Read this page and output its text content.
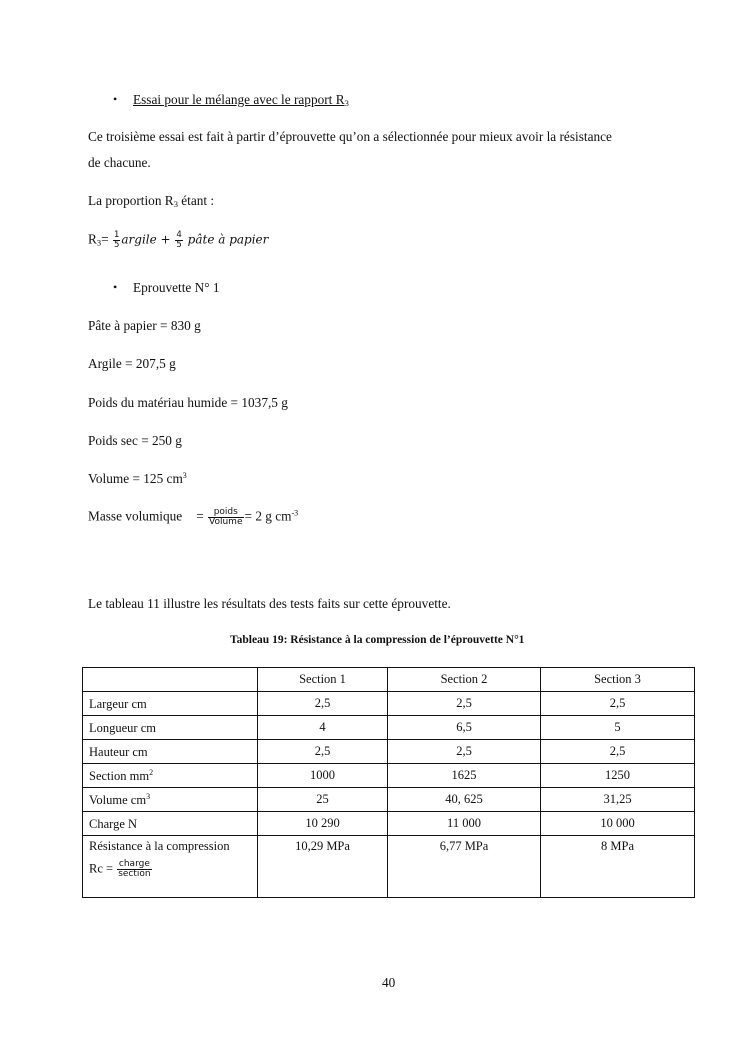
• Essai pour le mélange avec le rapport $R_3$
Ce troisième essai est fait à partir d’éprouvette qu’on a sélectionnée pour mieux avoir la résistance
de chacune.
La proportion $R_3$ étant :
$R_3= \frac{1}{5}$ argile + $\frac{4}{5}$ pâte à papier
• Eprouvette N° 1
Pâte à papier = 830 g
Argile = 207,5 g
Poids du matériau humide = 1037,5 g
Poids sec = 250 g
Volume = 125 $cm^3$
Masse volumique = $\frac{\text{poids}}{\text{Volume}} = 2$ g $cm^{-3}$
Le tableau 11 illustre les résultats des tests faits sur cette éprouvette.
Tableau 19: Résistance à la compression de l’éprouvette N°1
	Section 1	Section 2	Section 3
Largeur cm	2,5	2,5	2,5
Longueur cm	4	6,5	5
Hauteur cm	2,5	2,5	2,5
Section $mm^2$	1000	1625	1250
Volume $cm^3$	25	40, 625	31,25
Charge N	10 290	11 000	10 000

Résistance à la compression
$Rc = \frac{\text{charge}}{\text{section}}$	10,29 MPa	6,77 MPa	8 MPa
40
